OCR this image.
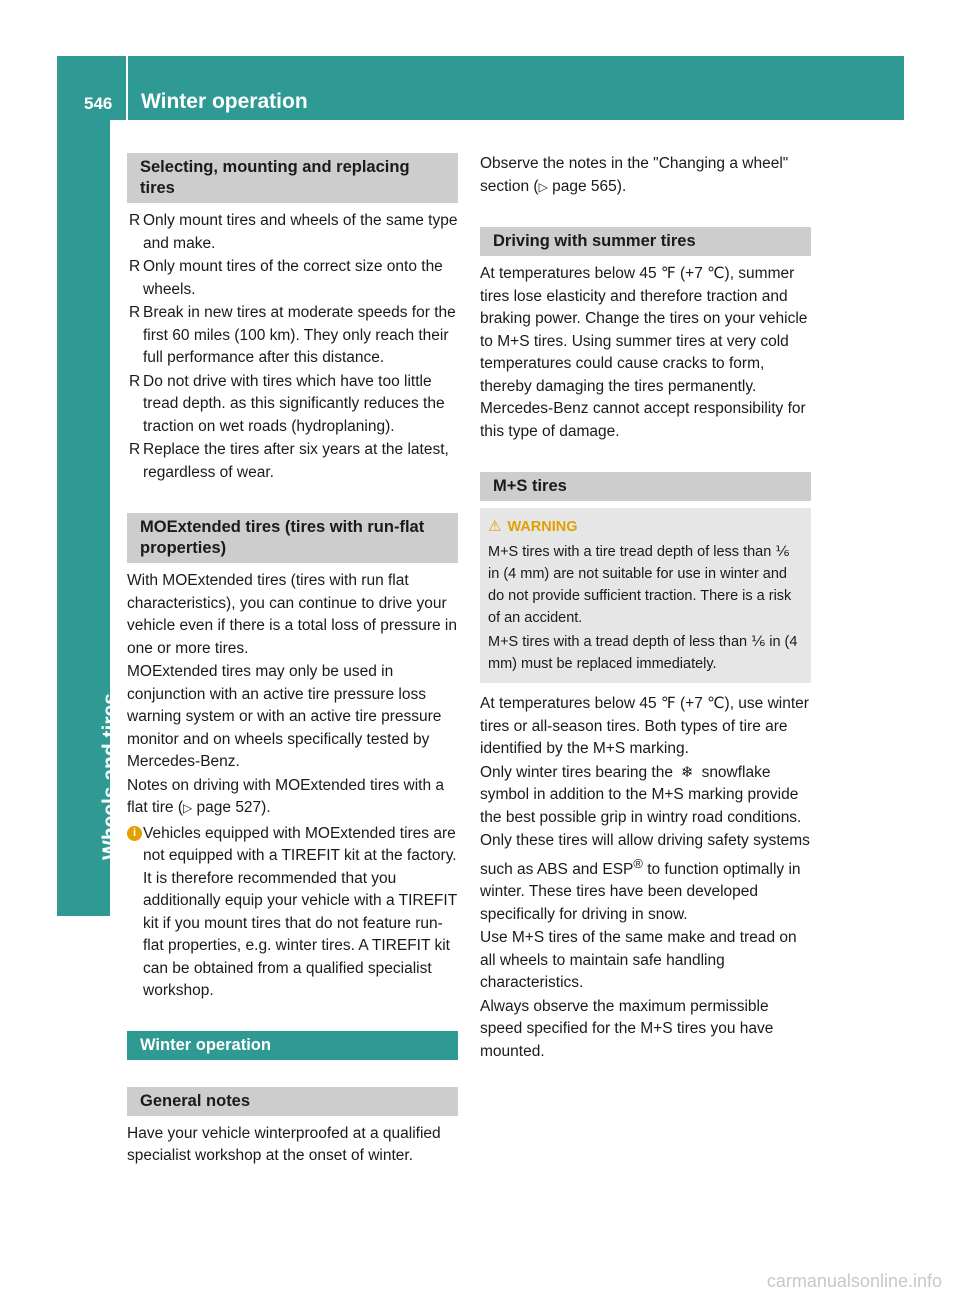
546 Winter operation
Wheels and tires
Selecting, mounting and replacing tires
R Only mount tires and wheels of the same type and make.
R Only mount tires of the correct size onto the wheels.
R Break in new tires at moderate speeds for the first 60 miles (100 km). They only reach their full performance after this distance.
R Do not drive with tires which have too little tread depth. as this significantly reduces the traction on wet roads (hydroplaning).
R Replace the tires after six years at the latest, regardless of wear.
MOExtended tires (tires with run-flat properties)

With MOExtended tires (tires with run flat characteristics), you can continue to drive your vehicle even if there is a total loss of pressure in one or more tires.

MOExtended tires may only be used in conjunction with an active tire pressure loss warning system or with an active tire pressure monitor and on wheels specifically tested by Mercedes-Benz.

Notes on driving with MOExtended tires with a flat tire (▷ page 527).

i Vehicles equipped with MOExtended tires are not equipped with a TIREFIT kit at the factory. It is therefore recommended that you additionally equip your vehicle with a TIREFIT kit if you mount tires that do not feature run-flat properties, e.g. winter tires. A TIREFIT kit can be obtained from a qualified specialist workshop.
Winter operation
General notes

Have your vehicle winterproofed at a qualified specialist workshop at the onset of winter.

Observe the notes in the "Changing a wheel" section (▷ page 565).

Driving with summer tires

At temperatures below 45 ℉ (+7 ℃), summer tires lose elasticity and therefore traction and braking power. Change the tires on your vehicle to M+S tires. Using summer tires at very cold temperatures could cause cracks to form, thereby damaging the tires permanently. Mercedes-Benz cannot accept responsibility for this type of damage.

M+S tires
⚠ WARNING

M+S tires with a tire tread depth of less than ⅙ in (4 mm) are not suitable for use in winter and do not provide sufficient traction. There is a risk of an accident.

M+S tires with a tread depth of less than ⅙ in (4 mm) must be replaced immediately.

At temperatures below 45 ℉ (+7 ℃), use winter tires or all-season tires. Both types of tire are identified by the M+S marking.

Only winter tires bearing the ❄ snowflake symbol in addition to the M+S marking provide the best possible grip in wintry road conditions.

Only these tires will allow driving safety systems such as ABS and ESP® to function optimally in winter. These tires have been developed specifically for driving in snow.

Use M+S tires of the same make and tread on all wheels to maintain safe handling characteristics.

Always observe the maximum permissible speed specified for the M+S tires you have mounted.

carmanualsonline.info
